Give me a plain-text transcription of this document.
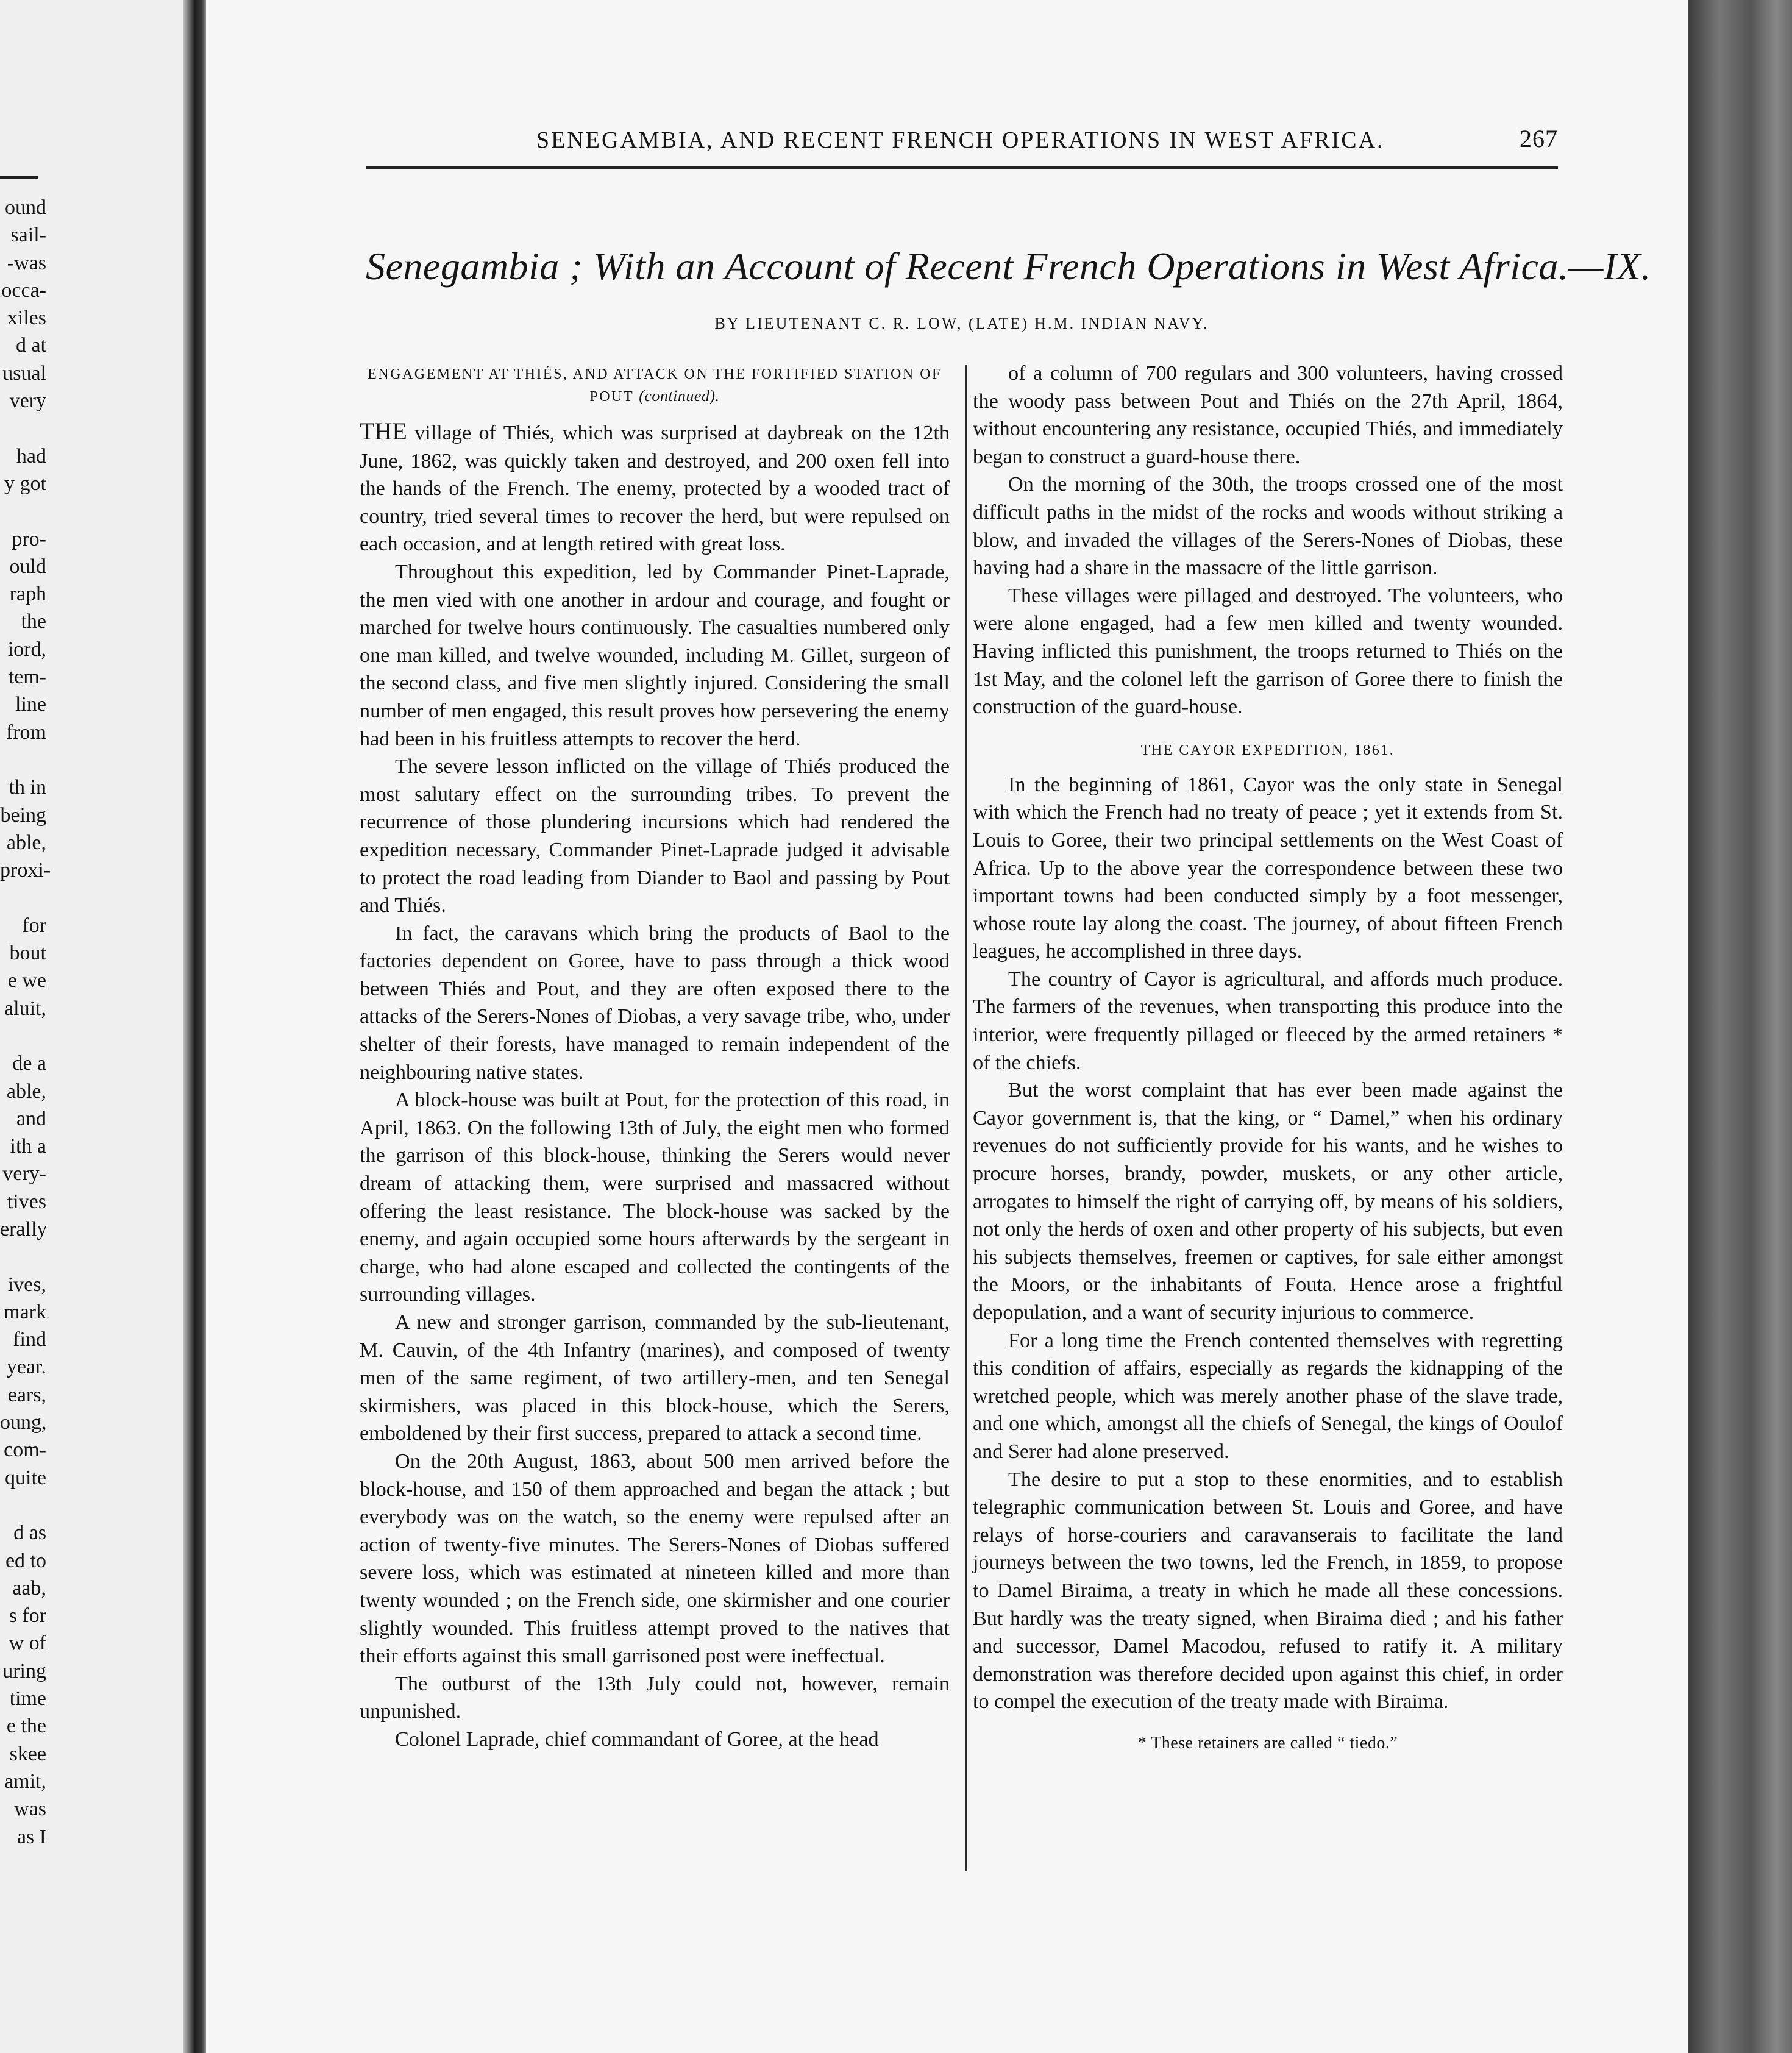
ound
sail-
-was
occa-
xiles
d at
usual
very
had
y got
pro-
ould
raph
the
iord,
tem-
line
from
th in
being
able,
proxi-
for
bout
e we
aluit,
de a
able,
and
ith a
very-
tives
erally
ives,
mark
find
year.
ears,
oung,
com-
quite
d as
ed to
aab,
s for
w of
uring
time
e the
skee
amit,
was
as I
SENEGAMBIA, AND RECENT FRENCH OPERATIONS IN WEST AFRICA.	267
Senegambia ; With an Account of Recent French Operations in West Africa.—IX.
BY LIEUTENANT C. R. LOW, (LATE) H.M. INDIAN NAVY.
ENGAGEMENT AT THIÉS, AND ATTACK ON THE FORTIFIED STATION OF POUT (continued).

THE village of Thiés, which was surprised at daybreak on the 12th June, 1862, was quickly taken and destroyed, and 200 oxen fell into the hands of the French. The enemy, protected by a wooded tract of country, tried several times to recover the herd, but were repulsed on each occasion, and at length retired with great loss.

Throughout this expedition, led by Commander Pinet-Laprade, the men vied with one another in ardour and courage, and fought or marched for twelve hours continuously. The casualties numbered only one man killed, and twelve wounded, including M. Gillet, surgeon of the second class, and five men slightly injured. Considering the small number of men engaged, this result proves how persevering the enemy had been in his fruitless attempts to recover the herd.

The severe lesson inflicted on the village of Thiés produced the most salutary effect on the surrounding tribes. To prevent the recurrence of those plundering incursions which had rendered the expedition necessary, Commander Pinet-Laprade judged it advisable to protect the road leading from Diander to Baol and passing by Pout and Thiés.

In fact, the caravans which bring the products of Baol to the factories dependent on Goree, have to pass through a thick wood between Thiés and Pout, and they are often exposed there to the attacks of the Serers-Nones of Diobas, a very savage tribe, who, under shelter of their forests, have managed to remain independent of the neighbouring native states.

A block-house was built at Pout, for the protection of this road, in April, 1863. On the following 13th of July, the eight men who formed the garrison of this block-house, thinking the Serers would never dream of attacking them, were surprised and massacred without offering the least resistance. The block-house was sacked by the enemy, and again occupied some hours afterwards by the sergeant in charge, who had alone escaped and collected the contingents of the surrounding villages.

A new and stronger garrison, commanded by the sub-lieutenant, M. Cauvin, of the 4th Infantry (marines), and composed of twenty men of the same regiment, of two artillery-men, and ten Senegal skirmishers, was placed in this block-house, which the Serers, emboldened by their first success, prepared to attack a second time.

On the 20th August, 1863, about 500 men arrived before the block-house, and 150 of them approached and began the attack ; but everybody was on the watch, so the enemy were repulsed after an action of twenty-five minutes. The Serers-Nones of Diobas suffered severe loss, which was estimated at nineteen killed and more than twenty wounded ; on the French side, one skirmisher and one courier slightly wounded. This fruitless attempt proved to the natives that their efforts against this small garrisoned post were ineffectual.

The outburst of the 13th July could not, however, remain unpunished.

Colonel Laprade, chief commandant of Goree, at the head

of a column of 700 regulars and 300 volunteers, having crossed the woody pass between Pout and Thiés on the 27th April, 1864, without encountering any resistance, occupied Thiés, and immediately began to construct a guard-house there.

On the morning of the 30th, the troops crossed one of the most difficult paths in the midst of the rocks and woods without striking a blow, and invaded the villages of the Serers-Nones of Diobas, these having had a share in the massacre of the little garrison.

These villages were pillaged and destroyed. The volunteers, who were alone engaged, had a few men killed and twenty wounded. Having inflicted this punishment, the troops returned to Thiés on the 1st May, and the colonel left the garrison of Goree there to finish the construction of the guard-house.

THE CAYOR EXPEDITION, 1861.

In the beginning of 1861, Cayor was the only state in Senegal with which the French had no treaty of peace ; yet it extends from St. Louis to Goree, their two principal settlements on the West Coast of Africa. Up to the above year the correspondence between these two important towns had been conducted simply by a foot messenger, whose route lay along the coast. The journey, of about fifteen French leagues, he accomplished in three days.

The country of Cayor is agricultural, and affords much produce. The farmers of the revenues, when transporting this produce into the interior, were frequently pillaged or fleeced by the armed retainers * of the chiefs.

But the worst complaint that has ever been made against the Cayor government is, that the king, or “ Damel,” when his ordinary revenues do not sufficiently provide for his wants, and he wishes to procure horses, brandy, powder, muskets, or any other article, arrogates to himself the right of carrying off, by means of his soldiers, not only the herds of oxen and other property of his subjects, but even his subjects themselves, freemen or captives, for sale either amongst the Moors, or the inhabitants of Fouta. Hence arose a frightful depopulation, and a want of security injurious to commerce.

For a long time the French contented themselves with regretting this condition of affairs, especially as regards the kidnapping of the wretched people, which was merely another phase of the slave trade, and one which, amongst all the chiefs of Senegal, the kings of Ooulof and Serer had alone preserved.

The desire to put a stop to these enormities, and to establish telegraphic communication between St. Louis and Goree, and have relays of horse-couriers and caravanserais to facilitate the land journeys between the two towns, led the French, in 1859, to propose to Damel Biraima, a treaty in which he made all these concessions. But hardly was the treaty signed, when Biraima died ; and his father and successor, Damel Macodou, refused to ratify it. A military demonstration was therefore decided upon against this chief, in order to compel the execution of the treaty made with Biraima.

* These retainers are called “ tiedo.”
